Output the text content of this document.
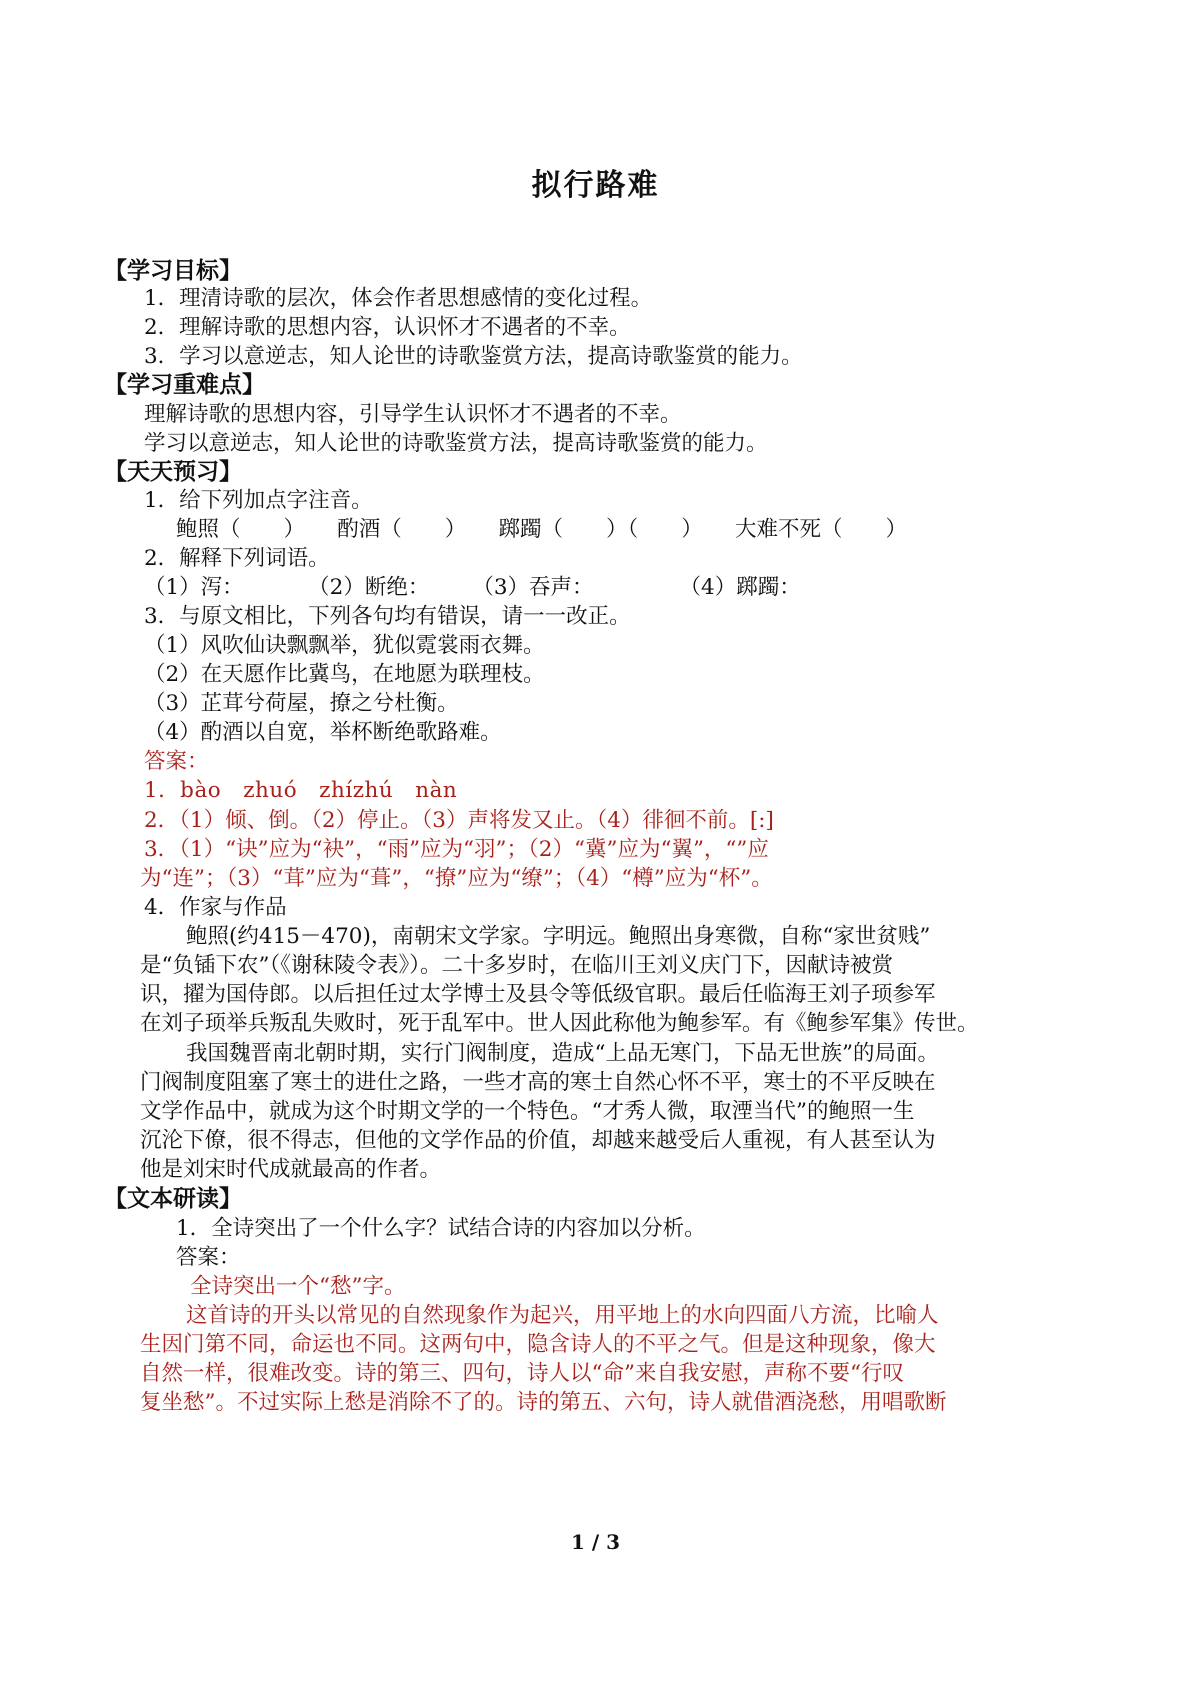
拟行路难
【学习目标】
1．理清诗歌的层次，体会作者思想感情的变化过程。
2．理解诗歌的思想内容，认识怀才不遇者的不幸。
3．学习以意逆志，知人论世的诗歌鉴赏方法，提高诗歌鉴赏的能力。
【学习重难点】
理解诗歌的思想内容，引导学生认识怀才不遇者的不幸。
学习以意逆志，知人论世的诗歌鉴赏方法，提高诗歌鉴赏的能力。
【天天预习】
1．给下列加点字注音。
鲍照（　　）　　酌酒（　　）　　踯躅（　　）（　　）　　大难不死（　　）
2．解释下列词语。
（1）泻：　　　　（2）断绝：　　　（3）吞声：　　　　　（4）踯躅：
3．与原文相比，下列各句均有错误，请一一改正。
（1）风吹仙诀飘飘举，犹似霓裳雨衣舞。
（2）在天愿作比冀鸟，在地愿为联理枝。
（3）芷茸兮荷屋，撩之兮杜衡。
（4）酌酒以自宽，举杯断绝歌路难。
答案：
1．bào　zhuó　zhízhú　nàn
2．（1）倾、倒。（2）停止。（3）声将发又止。（4）徘徊不前。[:]
3．（1）“诀”应为“袂”，“雨”应为“羽”；（2）“冀”应为“翼”，“”应
为“连”；（3）“茸”应为“葺”，“撩”应为“缭”；（4）“樽”应为“杯”。
4．作家与作品
鲍照(约415－470)，南朝宋文学家。字明远。鲍照出身寒微，自称“家世贫贱”
是“负锸下农”（《谢秣陵令表》）。二十多岁时，在临川王刘义庆门下，因献诗被赏
识，擢为国侍郎。以后担任过太学博士及县令等低级官职。最后任临海王刘子顼参军
在刘子顼举兵叛乱失败时，死于乱军中。世人因此称他为鲍参军。有《鲍参军集》传世。
我国魏晋南北朝时期，实行门阀制度，造成“上品无寒门，下品无世族”的局面。
门阀制度阻塞了寒士的进仕之路，一些才高的寒士自然心怀不平，寒士的不平反映在
文学作品中，就成为这个时期文学的一个特色。“才秀人微，取湮当代”的鲍照一生
沉沦下僚，很不得志，但他的文学作品的价值，却越来越受后人重视，有人甚至认为
他是刘宋时代成就最高的作者。
【文本研读】
1．全诗突出了一个什么字？试结合诗的内容加以分析。
答案：
全诗突出一个“愁”字。
这首诗的开头以常见的自然现象作为起兴，用平地上的水向四面八方流，比喻人
生因门第不同，命运也不同。这两句中，隐含诗人的不平之气。但是这种现象，像大
自然一样，很难改变。诗的第三、四句，诗人以“命”来自我安慰，声称不要“行叹
复坐愁”。不过实际上愁是消除不了的。诗的第五、六句，诗人就借酒浇愁，用唱歌断
1 / 3
